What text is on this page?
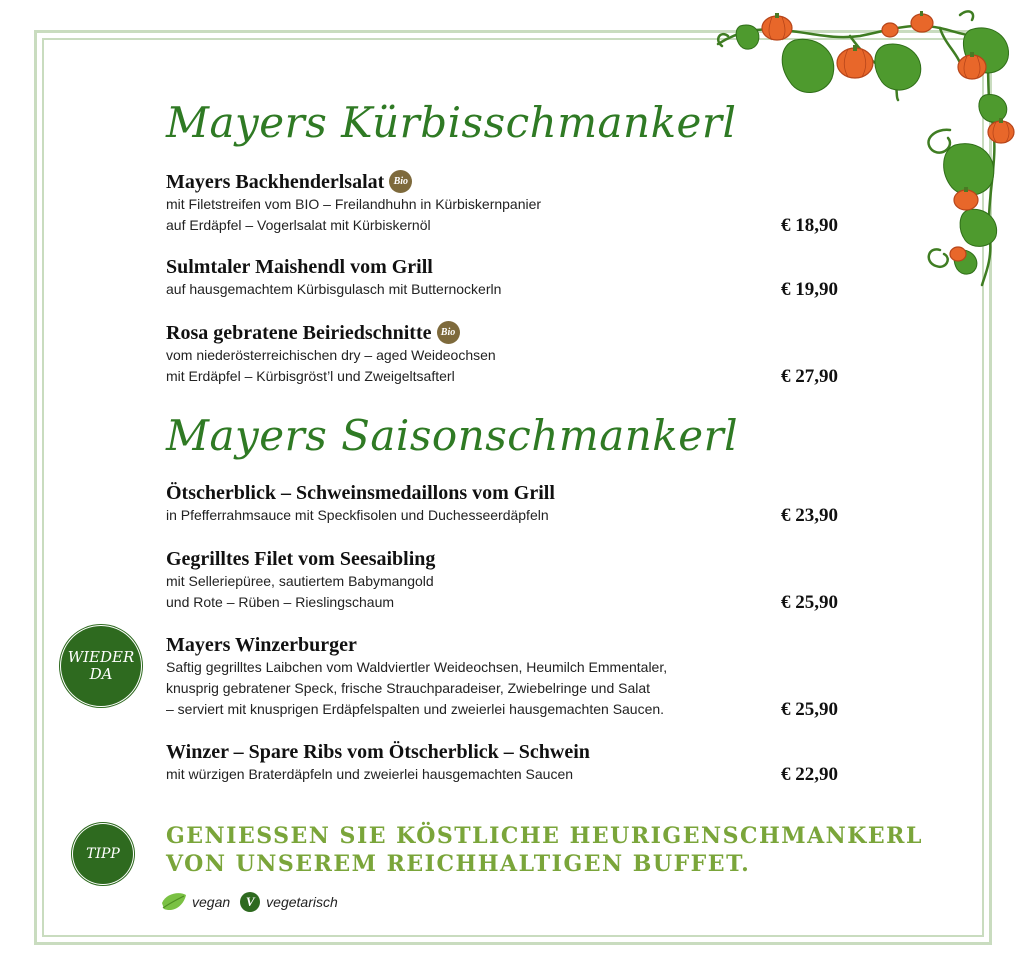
Mayers Kürbisschmankerl
Mayers Backhenderlsalat Bio
mit Filetstreifen vom BIO – Freilandhuhn in Kürbiskernpanier
auf Erdäpfel – Vogerlsalat mit Kürbiskernöl	€ 18,90
Sulmtaler Maishendl vom Grill
auf hausgemachtem Kürbisgulasch mit Butternockerln	€ 19,90
Rosa gebratene Beiriedschnitte Bio
vom niederösterreichischen dry – aged Weideochsen
mit Erdäpfel – Kürbisgröst’l und Zweigeltsafterl	€ 27,90
Mayers Saisonschmankerl
Ötscherblick – Schweinsmedaillons vom Grill
in Pfefferrahmsauce mit Speckfisolen und Duchesseerdäpfeln	€ 23,90
Gegrilltes Filet vom Seesaibling
mit Selleriepüree, sautiertem Babymangold
und Rote – Rüben – Rieslingschaum	€ 25,90
Mayers Winzerburger
Saftig gegrilltes Laibchen vom Waldviertler Weideochsen, Heumilch Emmentaler,
knusprig gebratener Speck, frische Strauchparadeiser, Zwiebelringe und Salat
– serviert mit knusprigen Erdäpfelspalten und zweierlei hausgemachten Saucen.	€ 25,90
Winzer – Spare Ribs vom Ötscherblick – Schwein
mit würzigen Braterdäpfeln und zweierlei hausgemachten Saucen	€ 22,90
WIEDER
DA
TIPP
GENIESSEN SIE KÖSTLICHE HEURIGENSCHMANKERL
VON UNSEREM REICHHALTIGEN BUFFET.
vegan	V vegetarisch
